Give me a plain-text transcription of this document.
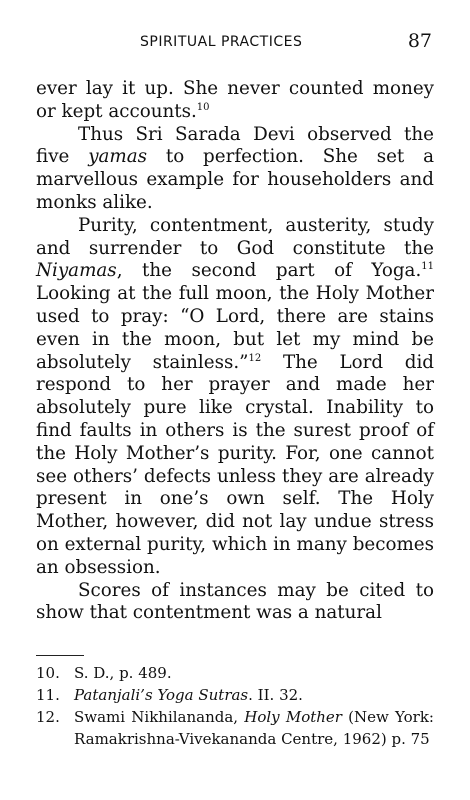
SPIRITUAL PRACTICES	87

ever lay it up. She never counted money or kept accounts.$^{10}$

Thus Sri Sarada Devi observed the five yamas to perfection. She set a marvellous example for householders and monks alike.

Purity, contentment, austerity, study and surrender to God constitute the Niyamas, the second part of Yoga.$^{11}$ Looking at the full moon, the Holy Mother used to pray: “O Lord, there are stains even in the moon, but let my mind be absolutely stainless.”$^{12}$ The Lord did respond to her prayer and made her absolutely pure like crystal. Inability to find faults in others is the surest proof of the Holy Mother’s purity. For, one cannot see others’ defects unless they are already present in one’s own self. The Holy Mother, however, did not lay undue stress on external purity, which in many becomes an obsession.

Scores of instances may be cited to show that contentment was a natural

10. S. D., p. 489.
11. Patanjali’s Yoga Sutras. II. 32.
12. Swami Nikhilananda, Holy Mother (New York: Ramakrishna-Vivekananda Centre, 1962) p. 75
